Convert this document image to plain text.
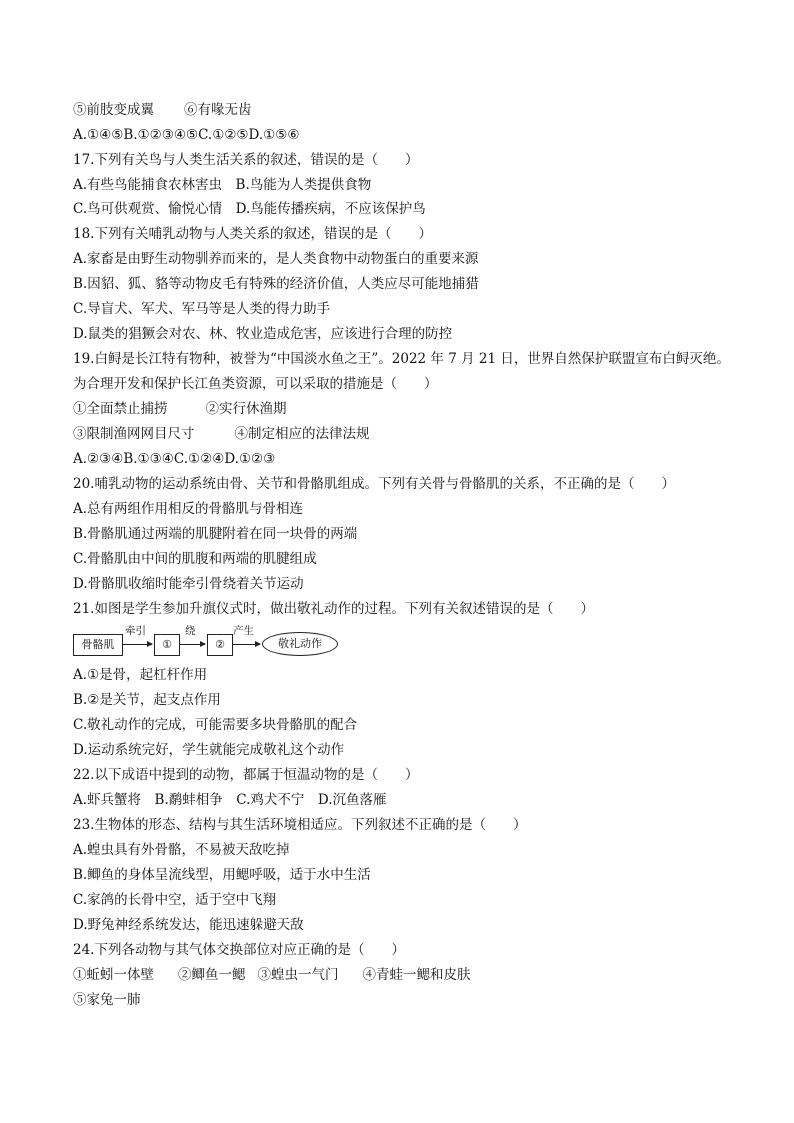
⑤前肢变成翼 ⑥有喙无齿
A.①④⑤B.①②③④⑤C.①②⑤D.①⑤⑥
17.下列有关鸟与人类生活关系的叙述，错误的是（　　）
A.有些鸟能捕食农林害虫　B.鸟能为人类提供食物
C.鸟可供观赏、愉悦心情　D.鸟能传播疾病，不应该保护鸟
18.下列有关哺乳动物与人类关系的叙述，错误的是（　　）
A.家畜是由野生动物驯养而来的，是人类食物中动物蛋白的重要来源
B.因貂、狐、貉等动物皮毛有特殊的经济价值，人类应尽可能地捕猎
C.导盲犬、军犬、军马等是人类的得力助手
D.鼠类的猖獗会对农、林、牧业造成危害，应该进行合理的防控
19.白鲟是长江特有物种，被誉为“中国淡水鱼之王”。2022 年 7 月 21 日，世界自然保护联盟宣布白鲟灭绝。
为合理开发和保护长江鱼类资源，可以采取的措施是（　　）
①全面禁止捕捞	②实行休渔期
③限制渔网网目尺寸	④制定相应的法律法规
A.②③④B.①③④C.①②④D.①②③
20.哺乳动物的运动系统由骨、关节和骨骼肌组成。下列有关骨与骨骼肌的关系，不正确的是（　　）
A.总有两组作用相反的骨骼肌与骨相连
B.骨骼肌通过两端的肌腱附着在同一块骨的两端
C.骨骼肌由中间的肌腹和两端的肌腱组成
D.骨骼肌收缩时能牵引骨绕着关节运动
21.如图是学生参加升旗仪式时，做出敬礼动作的过程。下列有关叙述错误的是（　　）
骨骼肌
牵引
①
绕
②
产生
敬礼动作
A.①是骨，起杠杆作用
B.②是关节，起支点作用
C.敬礼动作的完成，可能需要多块骨骼肌的配合
D.运动系统完好，学生就能完成敬礼这个动作
22.以下成语中提到的动物，都属于恒温动物的是（　　）
A.虾兵蟹将　B.鹬蚌相争　C.鸡犬不宁　D.沉鱼落雁
23.生物体的形态、结构与其生活环境相适应。下列叙述不正确的是（　　）
A.蝗虫具有外骨骼，不易被天敌吃掉
B.鲫鱼的身体呈流线型，用鳃呼吸，适于水中生活
C.家鸽的长骨中空，适于空中飞翔
D.野兔神经系统发达，能迅速躲避天敌
24.下列各动物与其气体交换部位对应正确的是（　　）
①蚯蚓一体壁 ②鲫鱼一鳃 ③蝗虫一气门 ④青蛙一鳃和皮肤
⑤家兔一肺
